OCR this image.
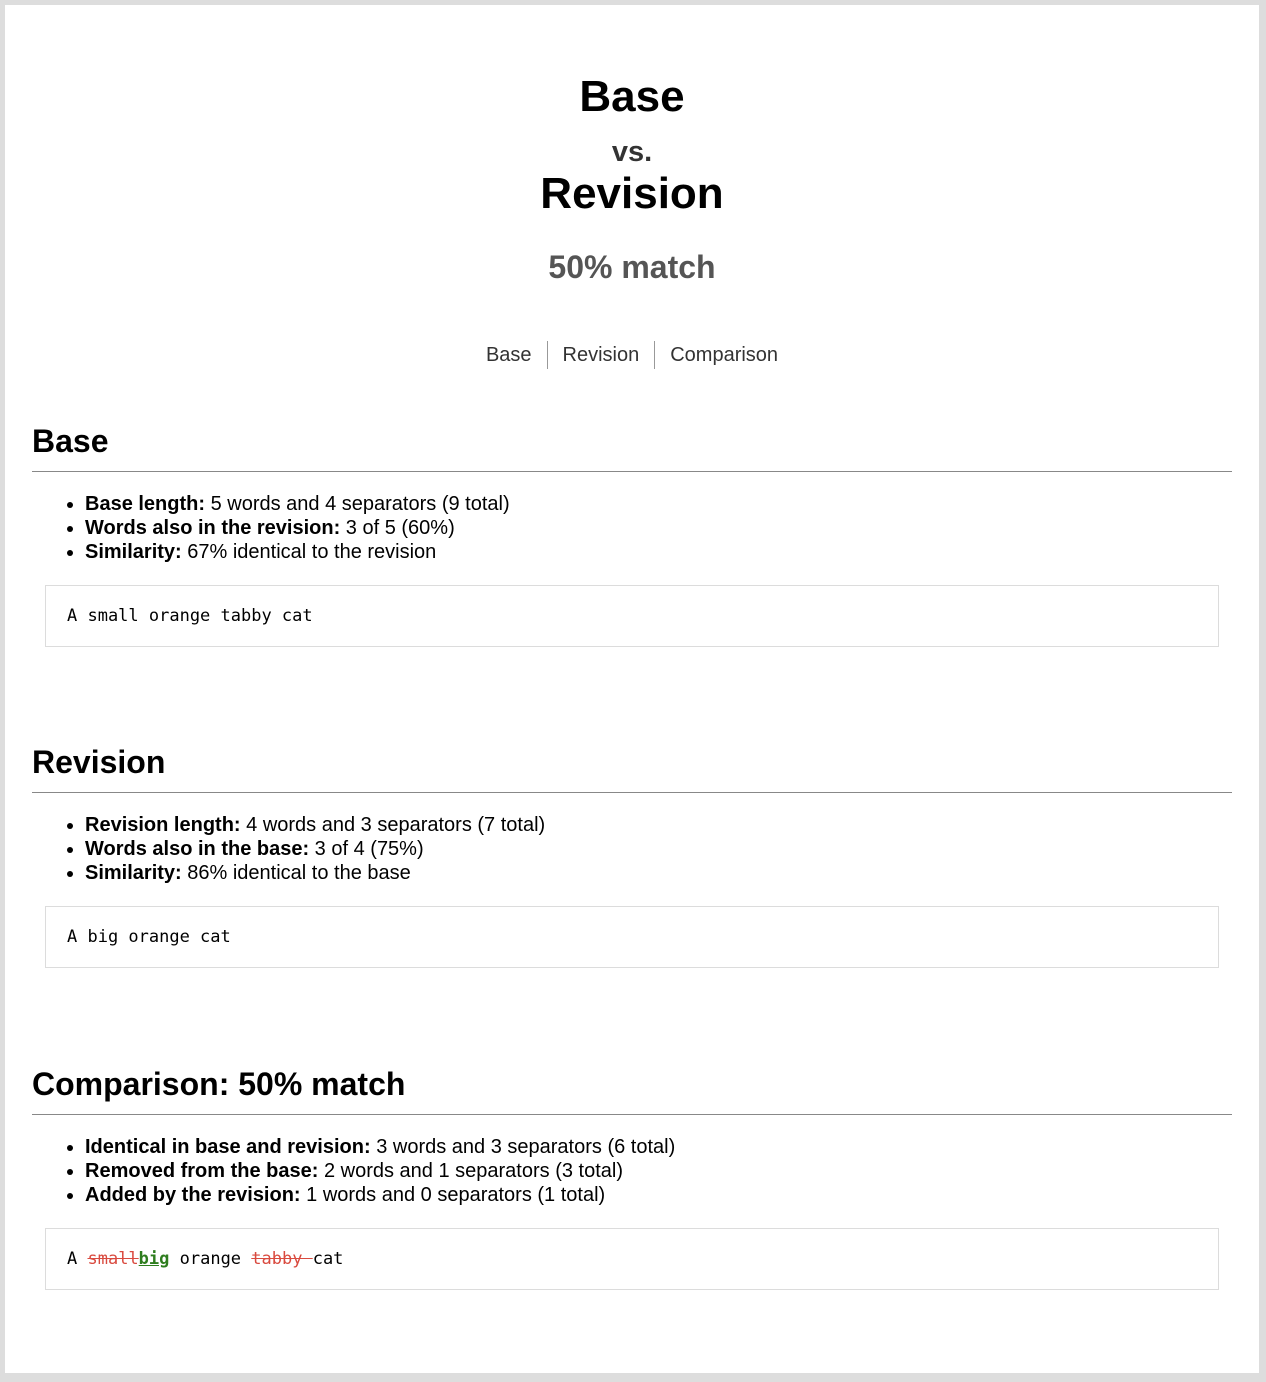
Base
vs.
Revision
50% match
Base Revision Comparison
Base
• Base length: 5 words and 4 separators (9 total)
• Words also in the revision: 3 of 5 (60%)
• Similarity: 67% identical to the revision
A small orange tabby cat
Revision
• Revision length: 4 words and 3 separators (7 total)
• Words also in the base: 3 of 4 (75%)
• Similarity: 86% identical to the base
A big orange cat
Comparison: 50% match
• Identical in base and revision: 3 words and 3 separators (6 total)
• Removed from the base: 2 words and 1 separators (3 total)
• Added by the revision: 1 words and 0 separators (1 total)
A smallbig orange tabby cat
